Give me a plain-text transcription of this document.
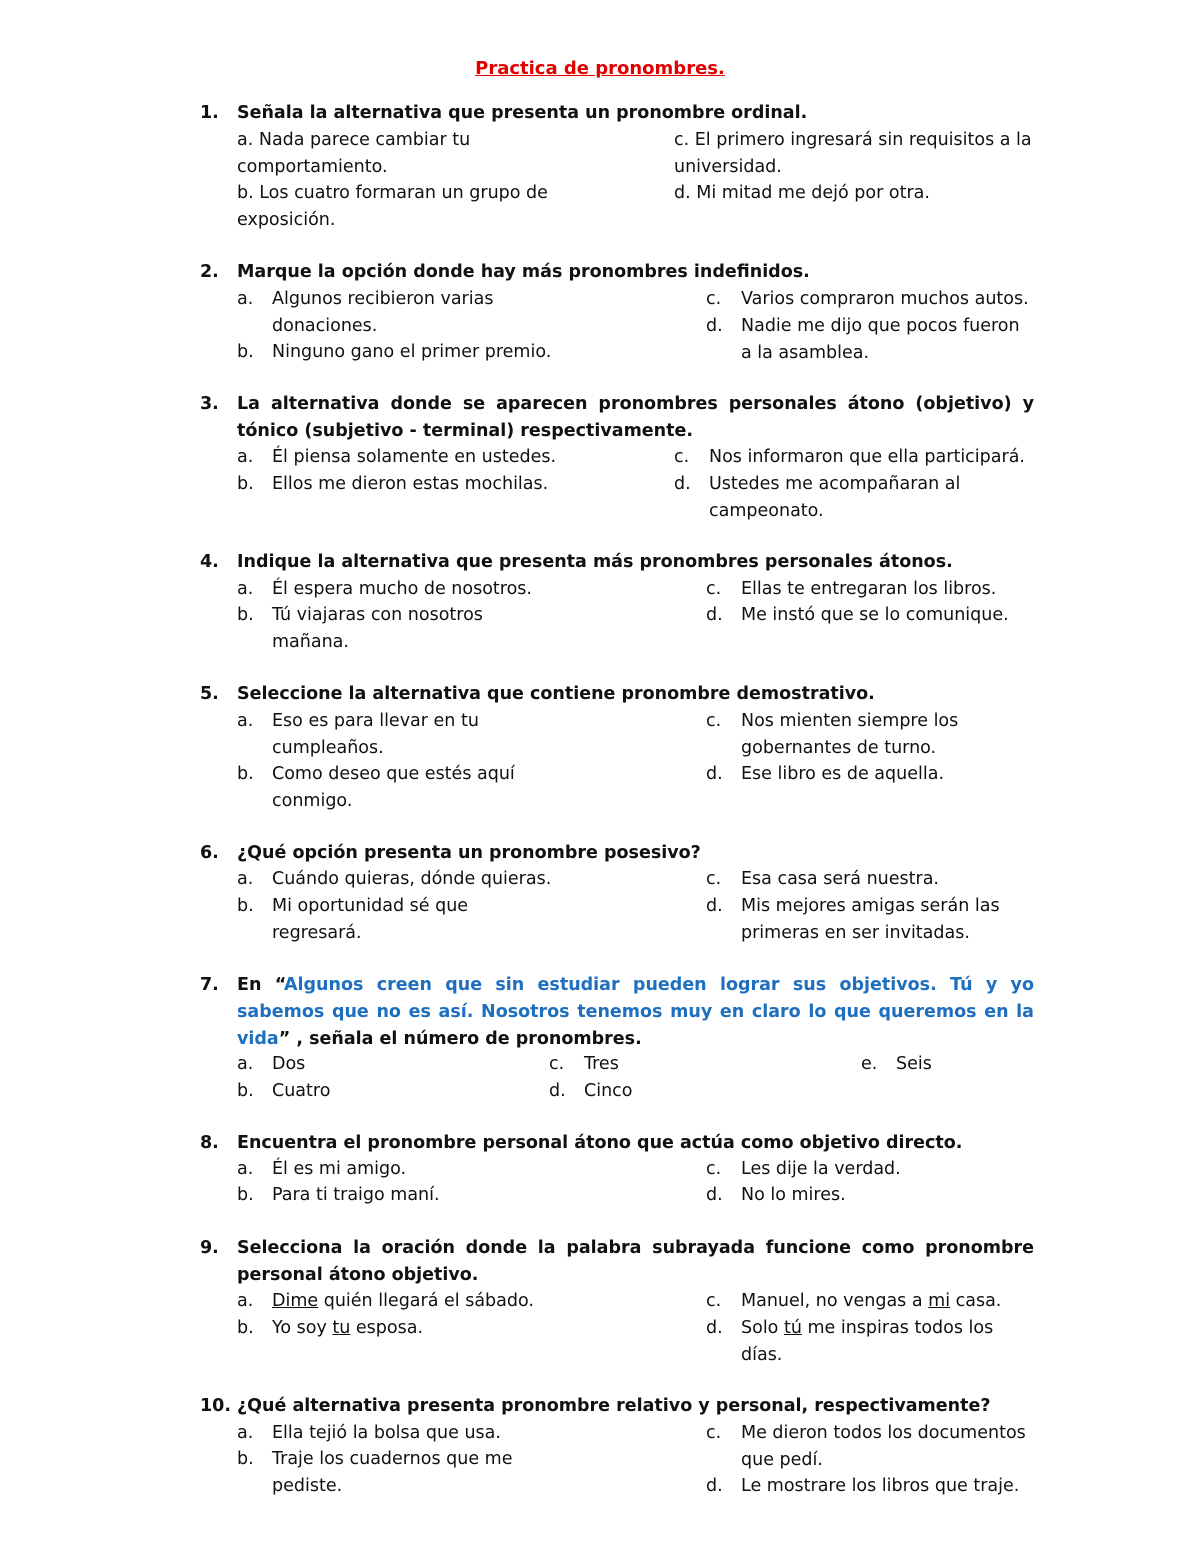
Practica de pronombres.
1. Señala la alternativa que presenta un pronombre ordinal.
a. Nada parece cambiar tu comportamiento.
b. Los cuatro formaran un grupo de exposición.
c. El primero ingresará sin requisitos a la universidad.
d. Mi mitad me dejó por otra.
2. Marque la opción donde hay más pronombres indefinidos.
a. Algunos recibieron varias donaciones.
b. Ninguno gano el primer premio.
c. Varios compraron muchos autos.
d. Nadie me dijo que pocos fueron a la asamblea.
3. La alternativa donde se aparecen pronombres personales átono (objetivo) y tónico (subjetivo - terminal) respectivamente.
a. Él piensa solamente en ustedes.
b. Ellos me dieron estas mochilas.
c. Nos informaron que ella participará.
d. Ustedes me acompañaran al campeonato.
4. Indique la alternativa que presenta más pronombres personales átonos.
a. Él espera mucho de nosotros.
b. Tú viajaras con nosotros mañana.
c. Ellas te entregaran los libros.
d. Me instó que se lo comunique.
5. Seleccione la alternativa que contiene pronombre demostrativo.
a. Eso es para llevar en tu cumpleaños.
b. Como deseo que estés aquí conmigo.
c. Nos mienten siempre los gobernantes de turno.
d. Ese libro es de aquella.
6. ¿Qué opción presenta un pronombre posesivo?
a. Cuándo quieras, dónde quieras.
b. Mi oportunidad sé que regresará.
c. Esa casa será nuestra.
d. Mis mejores amigas serán las primeras en ser invitadas.
7. En “Algunos creen que sin estudiar pueden lograr sus objetivos. Tú y yo sabemos que no es así. Nosotros tenemos muy en claro lo que queremos en la vida” , señala el número de pronombres.
a. Dos
b. Cuatro
c. Tres
d. Cinco
e. Seis
8. Encuentra el pronombre personal átono que actúa como objetivo directo.
a. Él es mi amigo.
b. Para ti traigo maní.
c. Les dije la verdad.
d. No lo mires.
9. Selecciona la oración donde la palabra subrayada funcione como pronombre personal átono objetivo.
a. Dime quién llegará el sábado.
b. Yo soy tu esposa.
c. Manuel, no vengas a mi casa.
d. Solo tú me inspiras todos los días.
10. ¿Qué alternativa presenta pronombre relativo y personal, respectivamente?
a. Ella tejió la bolsa que usa.
b. Traje los cuadernos que me pediste.
c. Me dieron todos los documentos que pedí.
d. Le mostrare los libros que traje.
